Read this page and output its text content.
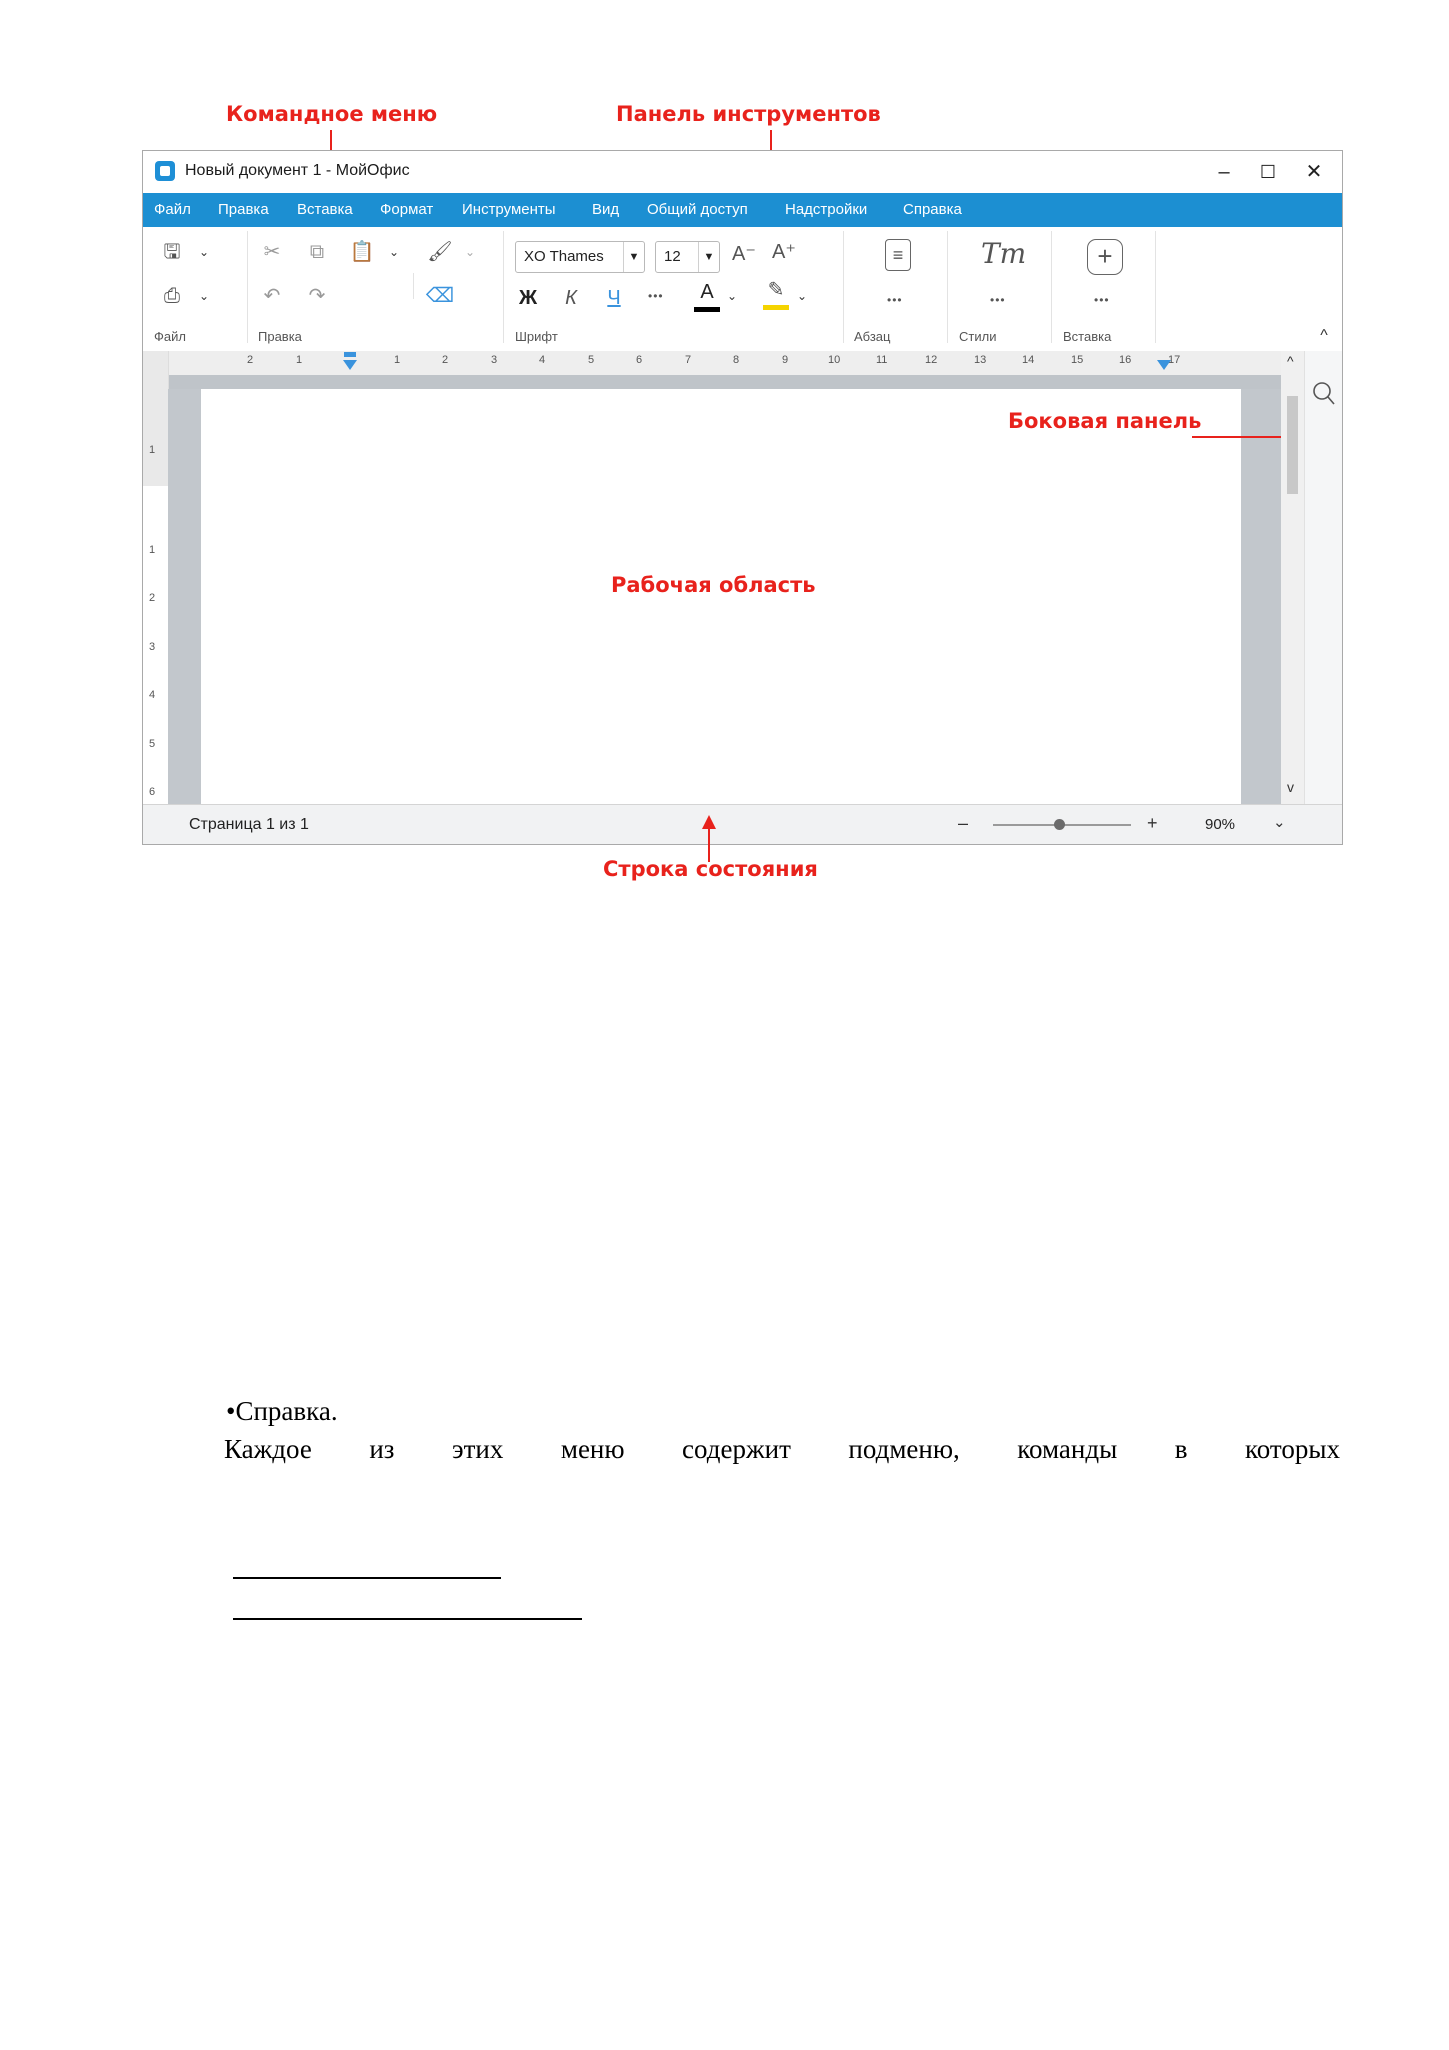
Командное меню	Панель инструментов
Новый документ 1 - МойОфис	–	☐	✕
Файл Правка Вставка Формат Инструменты Вид Общий доступ Надстройки Справка
🖫	⌄
⎙	⌄
✂	⧉	📋 ⌄ 🖌 ⌄
↶	↷	⌫
XO Thames	▼	12	▼ A⁻ A⁺
Ж	К	Ч	•••	A	⌄	✎	⌄
≡
•••
Tт
•••
+
•••
Файл	Правка	Шрифт	Абзац	Стили	Вставка	^
2	1	1	2	3	4	5	6	7	8	9	10	11	12	13	14	15	16	17
1
1
2
3
4
5
6
Рабочая область
Боковая панель
^
v
Страница 1 из 1	–	+	90%	⌄
Строка состояния
•Справка.
Каждое из этих меню содержит подменю, команды в которых
